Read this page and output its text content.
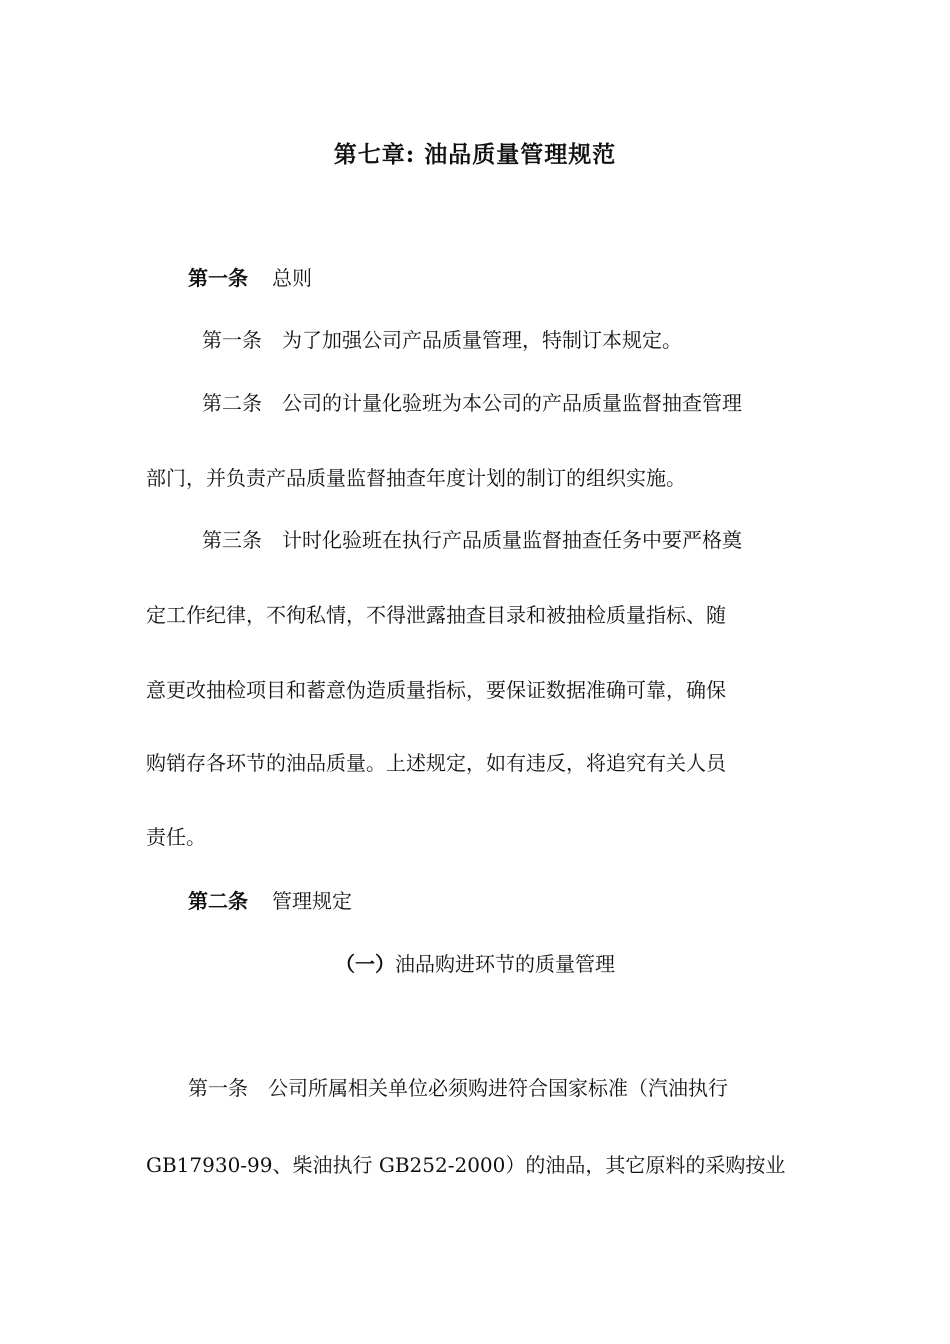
第七章: 油品质量管理规范
第一条 总则
第一条　为了加强公司产品质量管理，特制订本规定。
第二条　公司的计量化验班为本公司的产品质量监督抽查管理
部门，并负责产品质量监督抽查年度计划的制订的组织实施。
第三条　计时化验班在执行产品质量监督抽查任务中要严格奠
定工作纪律，不徇私情，不得泄露抽查目录和被抽检质量指标、随
意更改抽检项目和蓄意伪造质量指标，要保证数据准确可靠，确保
购销存各环节的油品质量。上述规定，如有违反，将追究有关人员
责任。
第二条 管理规定
（一）油品购进环节的质量管理
第一条　公司所属相关单位必须购进符合国家标准（汽油执行
GB17930-99、柴油执行 GB252-2000）的油品，其它原料的采购按业
